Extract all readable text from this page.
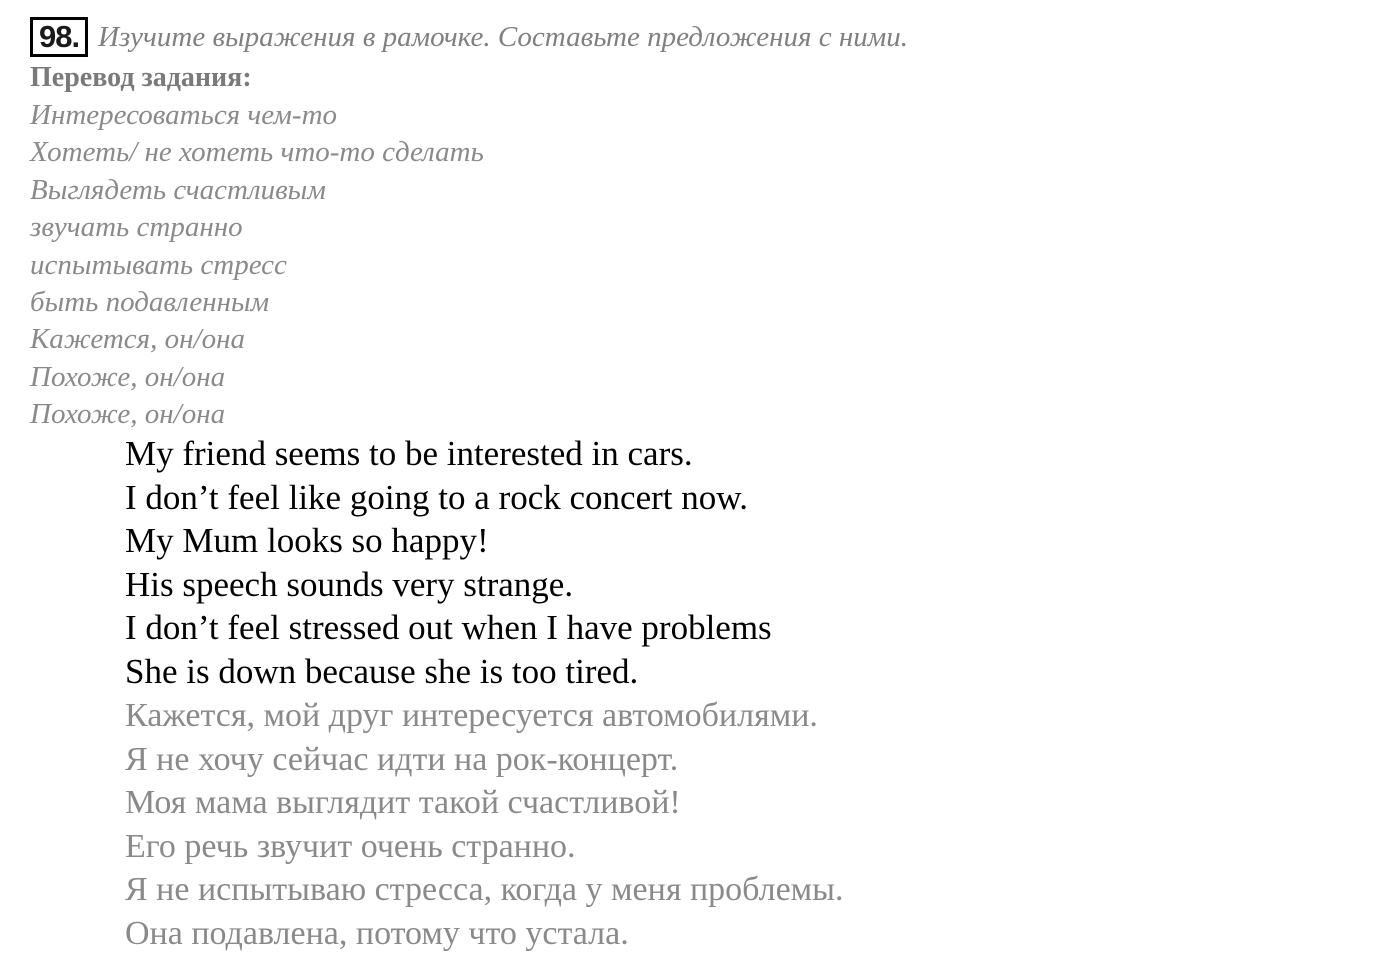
98. Изучите выражения в рамочке. Составьте предложения с ними.
Перевод задания:
Интересоваться чем-то
Хотеть/ не хотеть что-то сделать
Выглядеть счастливым
звучать странно
испытывать стресс
быть подавленным
Кажется, он/она
Похоже, он/она
Похоже, он/она
My friend seems to be interested in cars.
I don’t feel like going to a rock concert now.
My Mum looks so happy!
His speech sounds very strange.
I don’t feel stressed out when I have problems
She is down because she is too tired.
Кажется, мой друг интересуется автомобилями.
Я не хочу сейчас идти на рок-концерт.
Моя мама выглядит такой счастливой!
Его речь звучит очень странно.
Я не испытываю стресса, когда у меня проблемы.
Она подавлена, потому что устала.
